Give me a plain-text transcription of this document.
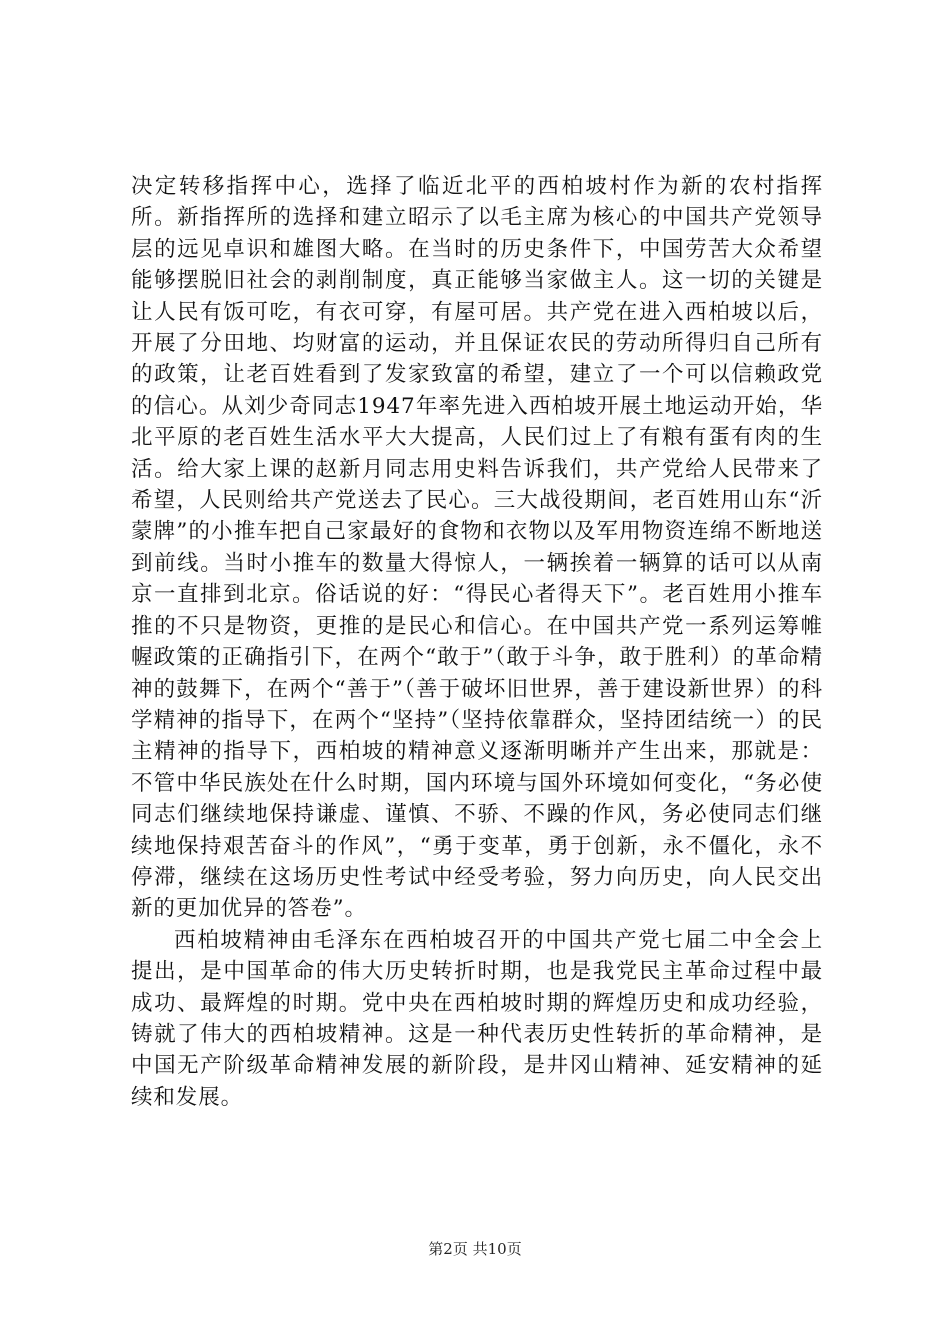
决定转移指挥中心，选择了临近北平的西柏坡村作为新的农村指挥所。新指挥所的选择和建立昭示了以毛主席为核心的中国共产党领导层的远见卓识和雄图大略。在当时的历史条件下，中国劳苦大众希望能够摆脱旧社会的剥削制度，真正能够当家做主人。这一切的关键是让人民有饭可吃，有衣可穿，有屋可居。共产党在进入西柏坡以后，开展了分田地、均财富的运动，并且保证农民的劳动所得归自己所有的政策，让老百姓看到了发家致富的希望，建立了一个可以信赖政党的信心。从刘少奇同志1947年率先进入西柏坡开展土地运动开始，华北平原的老百姓生活水平大大提高，人民们过上了有粮有蛋有肉的生活。给大家上课的赵新月同志用史料告诉我们，共产党给人民带来了希望，人民则给共产党送去了民心。三大战役期间，老百姓用山东“沂蒙牌”的小推车把自己家最好的食物和衣物以及军用物资连绵不断地送到前线。当时小推车的数量大得惊人，一辆挨着一辆算的话可以从南京一直排到北京。俗话说的好：“得民心者得天下”。老百姓用小推车推的不只是物资，更推的是民心和信心。在中国共产党一系列运筹帷幄政策的正确指引下，在两个“敢于”（敢于斗争，敢于胜利）的革命精神的鼓舞下，在两个“善于”（善于破坏旧世界，善于建设新世界）的科学精神的指导下，在两个“坚持”（坚持依靠群众，坚持团结统一）的民主精神的指导下，西柏坡的精神意义逐渐明晰并产生出来，那就是：不管中华民族处在什么时期，国内环境与国外环境如何变化，“务必使同志们继续地保持谦虚、谨慎、不骄、不躁的作风，务必使同志们继续地保持艰苦奋斗的作风”，“勇于变革，勇于创新，永不僵化，永不停滞，继续在这场历史性考试中经受考验，努力向历史，向人民交出新的更加优异的答卷”。

西柏坡精神由毛泽东在西柏坡召开的中国共产党七届二中全会上提出，是中国革命的伟大历史转折时期，也是我党民主革命过程中最成功、最辉煌的时期。党中央在西柏坡时期的辉煌历史和成功经验，铸就了伟大的西柏坡精神。这是一种代表历史性转折的革命精神，是中国无产阶级革命精神发展的新阶段，是井冈山精神、延安精神的延续和发展。

第2页 共10页
